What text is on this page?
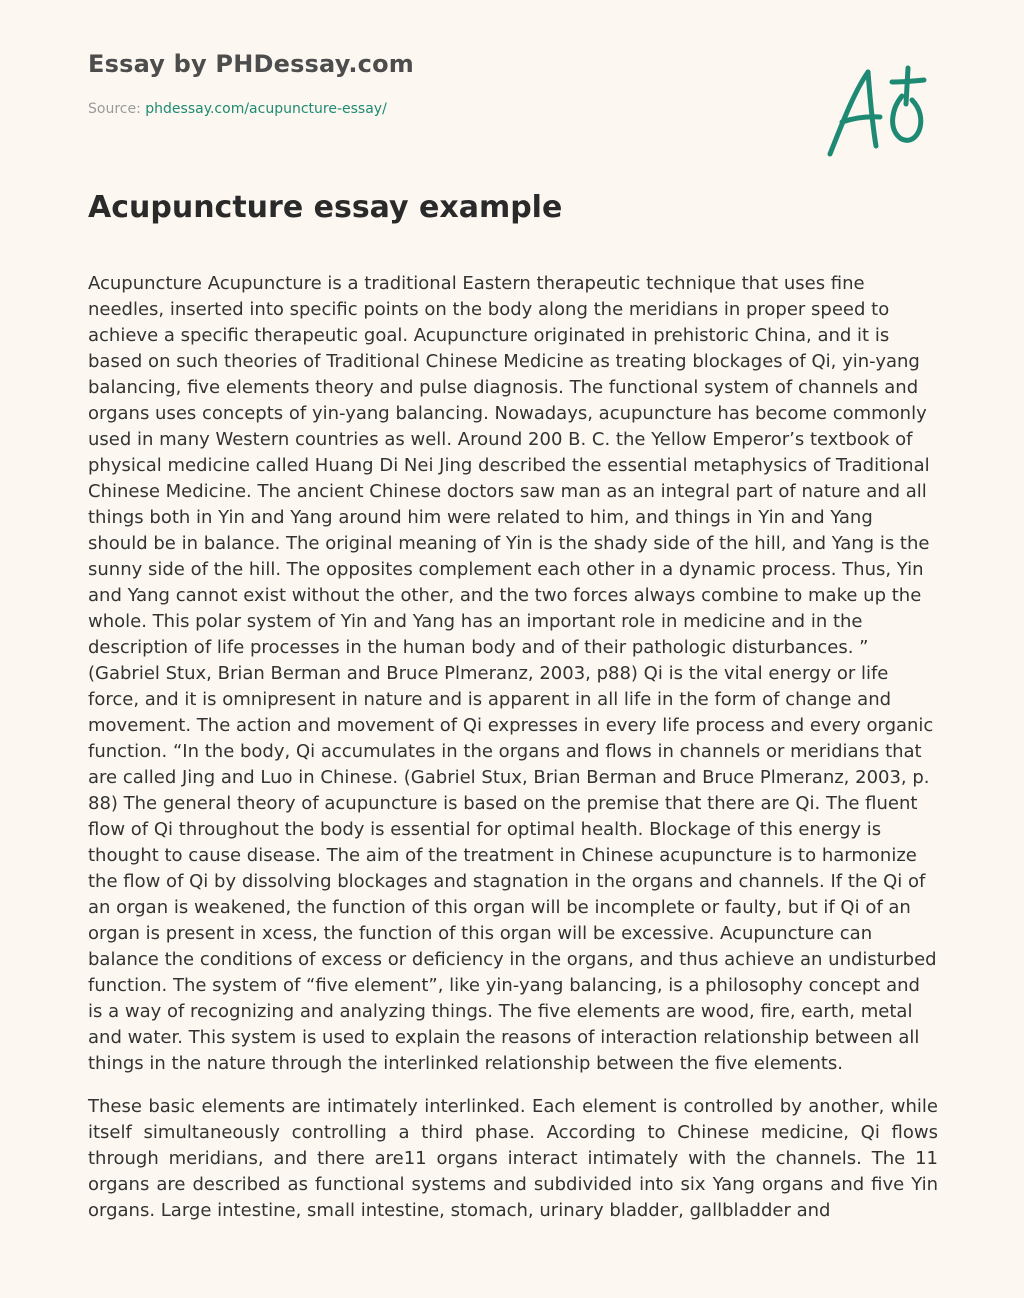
Essay by PHDessay.com
Source: phdessay.com/acupuncture-essay/
Acupuncture essay example

Acupuncture Acupuncture is a traditional Eastern therapeutic technique that uses fine needles, inserted into specific points on the body along the meridians in proper speed to achieve a specific therapeutic goal. Acupuncture originated in prehistoric China, and it is based on such theories of Traditional Chinese Medicine as treating blockages of Qi, yin-yang balancing, five elements theory and pulse diagnosis. The functional system of channels and organs uses concepts of yin-yang balancing. Nowadays, acupuncture has become commonly used in many Western countries as well. Around 200 B. C. the Yellow Emperor’s textbook of physical medicine called Huang Di Nei Jing described the essential metaphysics of Traditional Chinese Medicine. The ancient Chinese doctors saw man as an integral part of nature and all things both in Yin and Yang around him were related to him, and things in Yin and Yang should be in balance. The original meaning of Yin is the shady side of the hill, and Yang is the sunny side of the hill. The opposites complement each other in a dynamic process. Thus, Yin and Yang cannot exist without the other, and the two forces always combine to make up the whole. This polar system of Yin and Yang has an important role in medicine and in the description of life processes in the human body and of their pathologic disturbances. ” (Gabriel Stux, Brian Berman and Bruce Plmeranz, 2003, p88) Qi is the vital energy or life force, and it is omnipresent in nature and is apparent in all life in the form of change and movement. The action and movement of Qi expresses in every life process and every organic function. “In the body, Qi accumulates in the organs and flows in channels or meridians that are called Jing and Luo in Chinese. (Gabriel Stux, Brian Berman and Bruce Plmeranz, 2003, p. 88) The general theory of acupuncture is based on the premise that there are Qi. The fluent flow of Qi throughout the body is essential for optimal health. Blockage of this energy is thought to cause disease. The aim of the treatment in Chinese acupuncture is to harmonize the flow of Qi by dissolving blockages and stagnation in the organs and channels. If the Qi of an organ is weakened, the function of this organ will be incomplete or faulty, but if Qi of an organ is present in xcess, the function of this organ will be excessive. Acupuncture can balance the conditions of excess or deficiency in the organs, and thus achieve an undisturbed function. The system of “five element”, like yin-yang balancing, is a philosophy concept and is a way of recognizing and analyzing things. The five elements are wood, fire, earth, metal and water. This system is used to explain the reasons of interaction relationship between all things in the nature through the interlinked relationship between the five elements.

These basic elements are intimately interlinked. Each element is controlled by another, while itself simultaneously controlling a third phase. According to Chinese medicine, Qi flows through meridians, and there are11 organs interact intimately with the channels. The 11 organs are described as functional systems and subdivided into six Yang organs and five Yin organs. Large intestine, small intestine, stomach, urinary bladder, gallbladder and
